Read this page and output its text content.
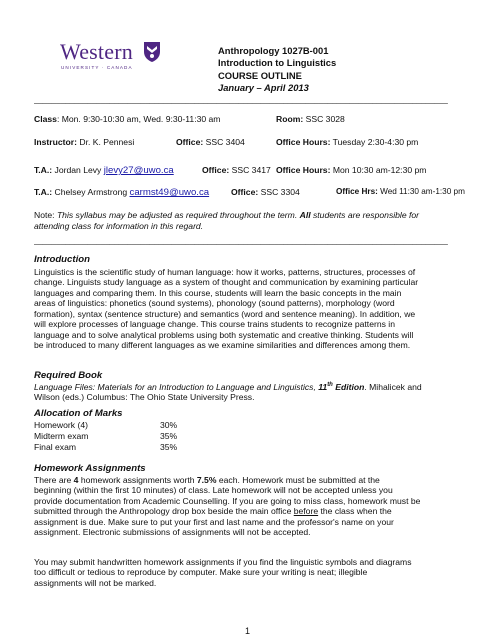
Western
UNIVERSITY · CANADA
Anthropology 1027B-001
Introduction to Linguistics
COURSE OUTLINE
January – April 2013
_____________________________________________________________________________________________
Class: Mon. 9:30-10:30 am, Wed. 9:30-11:30 am	Room: SSC 3028
Instructor: Dr. K. Pennesi	Office: SSC 3404	Office Hours: Tuesday 2:30-4:30 pm
T.A.: Jordan Levy jlevy27@uwo.ca	Office: SSC 3417 Office Hours: Mon 10:30 am-12:30 pm
T.A.: Chelsey Armstrong carmst49@uwo.ca	Office: SSC 3304	Office Hrs: Wed 11:30 am-1:30 pm
Note: This syllabus may be adjusted as required throughout the term. All students are responsible for
attending class for information in this regard.
_____________________________________________________________________________________________
Introduction
Linguistics is the scientific study of human language: how it works, patterns, structures, processes of
change. Linguists study language as a system of thought and communication by examining particular
languages and comparing them. In this course, students will learn the basic concepts in the main
areas of linguistics: phonetics (sound systems), phonology (sound patterns), morphology (word
formation), syntax (sentence structure) and semantics (word and sentence meaning). In addition, we
will explore processes of language change. This course trains students to recognize patterns in
language and to solve analytical problems using both systematic and creative thinking. Students will
be introduced to many different languages as we examine similarities and differences among them.
Required Book
Language Files: Materials for an Introduction to Language and Linguistics, 11th Edition. Mihalicek and
Wilson (eds.) Columbus: The Ohio State University Press.
Allocation of Marks
Homework (4)	30%
Midterm exam	35%
Final exam	35%
Homework Assignments
There are 4 homework assignments worth 7.5% each. Homework must be submitted at the
beginning (within the first 10 minutes) of class. Late homework will not be accepted unless you
provide documentation from Academic Counselling. If you are going to miss class, homework must be
submitted through the Anthropology drop box beside the main office before the class when the
assignment is due. Make sure to put your first and last name and the professor's name on your
assignment. Electronic submissions of assignments will not be accepted.
You may submit handwritten homework assignments if you find the linguistic symbols and diagrams
too difficult or tedious to reproduce by computer. Make sure your writing is neat; illegible
assignments will not be marked.
1
